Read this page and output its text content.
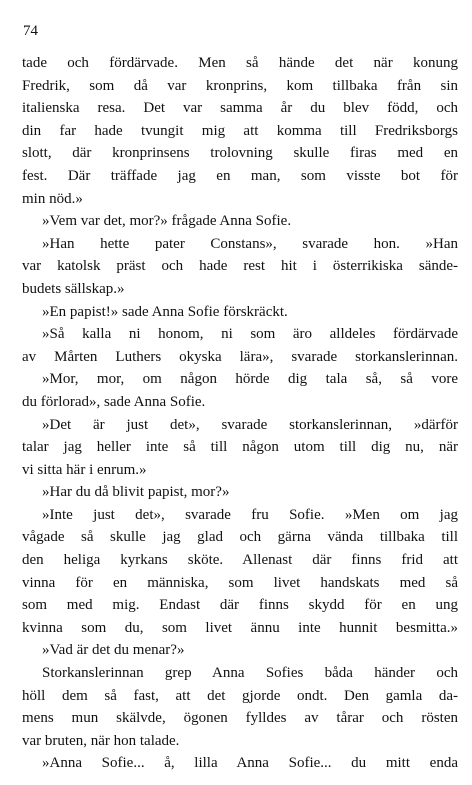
74
tade och fördärvade. Men så hände det när konung
Fredrik, som då var kronprins, kom tillbaka från sin
italienska resa. Det var samma år du blev född, och
din far hade tvungit mig att komma till Fredriksborgs
slott, där kronprinsens trolovning skulle firas med en
fest. Där träffade jag en man, som visste bot för
min nöd.»
»Vem var det, mor?» frågade Anna Sofie.
»Han hette pater Constans», svarade hon. »Han
var katolsk präst och hade rest hit i österrikiska sände-
budets sällskap.»
»En papist!» sade Anna Sofie förskräckt.
»Så kalla ni honom, ni som äro alldeles fördärvade
av Mårten Luthers okyska lära», svarade storkanslerinnan.
»Mor, mor, om någon hörde dig tala så, så vore
du förlorad», sade Anna Sofie.
»Det är just det», svarade storkanslerinnan, »därför
talar jag heller inte så till någon utom till dig nu, när
vi sitta här i enrum.»
»Har du då blivit papist, mor?»
»Inte just det», svarade fru Sofie. »Men om jag
vågade så skulle jag glad och gärna vända tillbaka till
den heliga kyrkans sköte. Allenast där finns frid att
vinna för en människa, som livet handskats med så
som med mig. Endast där finns skydd för en ung
kvinna som du, som livet ännu inte hunnit besmitta.»
»Vad är det du menar?»
Storkanslerinnan grep Anna Sofies båda händer och
höll dem så fast, att det gjorde ondt. Den gamla da-
mens mun skälvde, ögonen fylldes av tårar och rösten
var bruten, när hon talade.
»Anna Sofie... å, lilla Anna Sofie... du mitt enda
